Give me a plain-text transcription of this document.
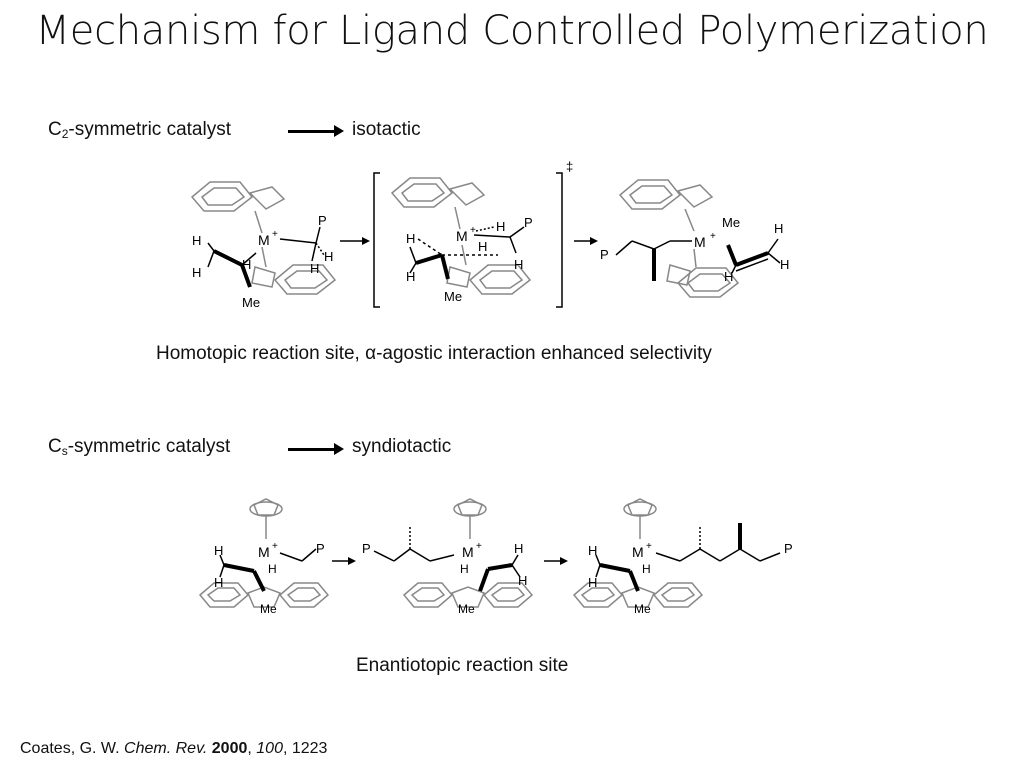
Mechanism for Ligand Controlled Polymerization
$C_2$-symmetric catalyst	isotactic
H
H
H
M +
P
H
H
Me
‡
H
H
M + H
H
P
H
Me
P
M +
Me	H
H
H
Homotopic reaction site, α-agostic interaction enhanced selectivity
$C_s$-symmetric catalyst	syndiotactic
H
H
M +
H
P
Me
P	M +
H
H
H
Me
H
H
M +
H
P
Me
Enantiotopic reaction site
Coates, G. W. Chem. Rev. 2000, 100, 1223
